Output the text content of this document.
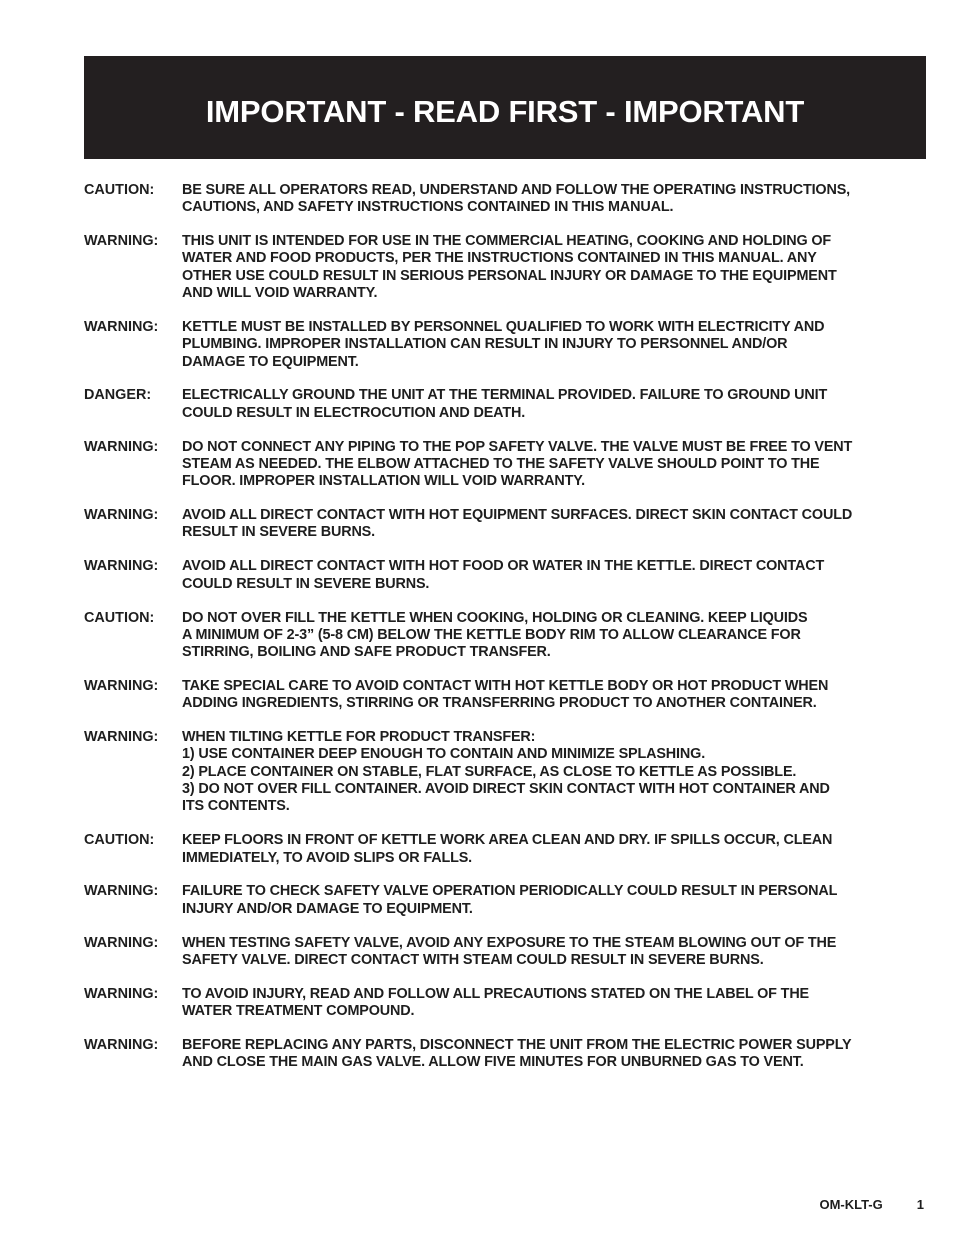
IMPORTANT - READ FIRST - IMPORTANT
CAUTION:	BE SURE ALL OPERATORS READ, UNDERSTAND AND FOLLOW THE OPERATING INSTRUCTIONS,
CAUTIONS, AND SAFETY INSTRUCTIONS CONTAINED IN THIS MANUAL.
WARNING:	THIS UNIT IS INTENDED FOR USE IN THE COMMERCIAL HEATING, COOKING AND HOLDING OF
WATER AND FOOD PRODUCTS, PER THE INSTRUCTIONS CONTAINED IN THIS MANUAL. ANY
OTHER USE COULD RESULT IN SERIOUS PERSONAL INJURY OR DAMAGE TO THE EQUIPMENT
AND WILL VOID WARRANTY.
WARNING:	KETTLE MUST BE INSTALLED BY PERSONNEL QUALIFIED TO WORK WITH ELECTRICITY AND
PLUMBING. IMPROPER INSTALLATION CAN RESULT IN INJURY TO PERSONNEL AND/OR
DAMAGE TO EQUIPMENT.
DANGER:	ELECTRICALLY GROUND THE UNIT AT THE TERMINAL PROVIDED. FAILURE TO GROUND UNIT
COULD RESULT IN ELECTROCUTION AND DEATH.
WARNING:	DO NOT CONNECT ANY PIPING TO THE POP SAFETY VALVE. THE VALVE MUST BE FREE TO VENT
STEAM AS NEEDED. THE ELBOW ATTACHED TO THE SAFETY VALVE SHOULD POINT TO THE
FLOOR. IMPROPER INSTALLATION WILL VOID WARRANTY.
WARNING:	AVOID ALL DIRECT CONTACT WITH HOT EQUIPMENT SURFACES. DIRECT SKIN CONTACT COULD
RESULT IN SEVERE BURNS.
WARNING:	AVOID ALL DIRECT CONTACT WITH HOT FOOD OR WATER IN THE KETTLE. DIRECT CONTACT
COULD RESULT IN SEVERE BURNS.
CAUTION:	DO NOT OVER FILL THE KETTLE WHEN COOKING, HOLDING OR CLEANING. KEEP LIQUIDS
A MINIMUM OF 2-3” (5-8 CM) BELOW THE KETTLE BODY RIM TO ALLOW CLEARANCE FOR
STIRRING, BOILING AND SAFE PRODUCT TRANSFER.
WARNING:	TAKE SPECIAL CARE TO AVOID CONTACT WITH HOT KETTLE BODY OR HOT PRODUCT WHEN
ADDING INGREDIENTS, STIRRING OR TRANSFERRING PRODUCT TO ANOTHER CONTAINER.
WARNING:	WHEN TILTING KETTLE FOR PRODUCT TRANSFER:
1) USE CONTAINER DEEP ENOUGH TO CONTAIN AND MINIMIZE SPLASHING.
2) PLACE CONTAINER ON STABLE, FLAT SURFACE, AS CLOSE TO KETTLE AS POSSIBLE.
3) DO NOT OVER FILL CONTAINER. AVOID DIRECT SKIN CONTACT WITH HOT CONTAINER AND
ITS CONTENTS.
CAUTION:	KEEP FLOORS IN FRONT OF KETTLE WORK AREA CLEAN AND DRY. IF SPILLS OCCUR, CLEAN
IMMEDIATELY, TO AVOID SLIPS OR FALLS.
WARNING:	FAILURE TO CHECK SAFETY VALVE OPERATION PERIODICALLY COULD RESULT IN PERSONAL
INJURY AND/OR DAMAGE TO EQUIPMENT.
WARNING:	WHEN TESTING SAFETY VALVE, AVOID ANY EXPOSURE TO THE STEAM BLOWING OUT OF THE
SAFETY VALVE. DIRECT CONTACT WITH STEAM COULD RESULT IN SEVERE BURNS.
WARNING:	TO AVOID INJURY, READ AND FOLLOW ALL PRECAUTIONS STATED ON THE LABEL OF THE
WATER TREATMENT COMPOUND.
WARNING:	BEFORE REPLACING ANY PARTS, DISCONNECT THE UNIT FROM THE ELECTRIC POWER SUPPLY
AND CLOSE THE MAIN GAS VALVE. ALLOW FIVE MINUTES FOR UNBURNED GAS TO VENT.
OM-KLT-G	1
